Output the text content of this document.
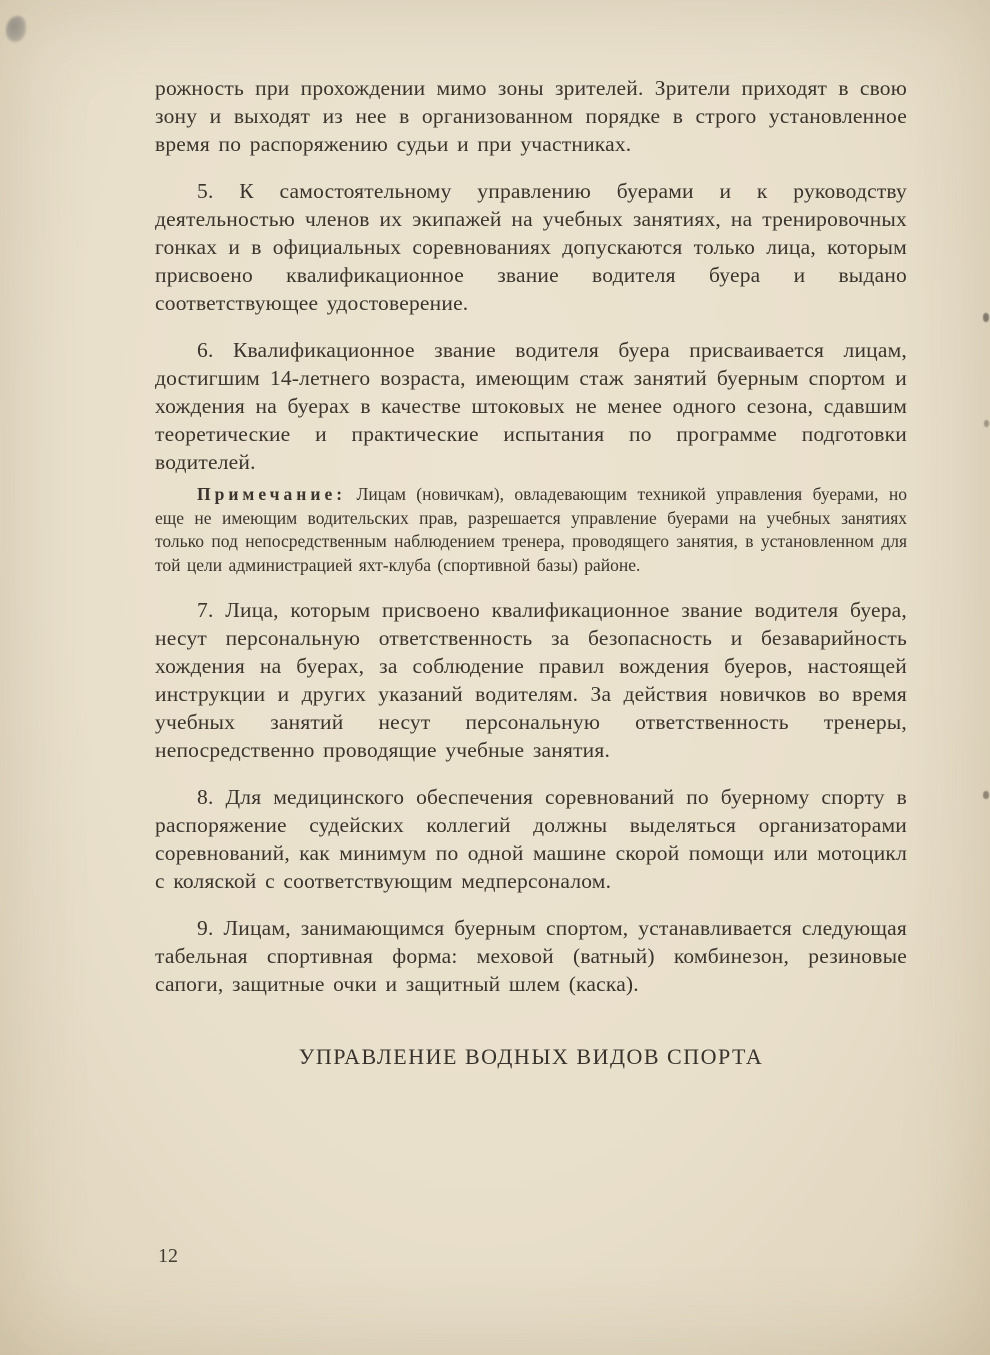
рожность при прохождении мимо зоны зрителей. Зрители приходят в свою зону и выходят из нее в организованном порядке в строго установленное время по распоряжению судьи и при участниках.

5. К самостоятельному управлению буерами и к руководству деятельностью членов их экипажей на учебных занятиях, на тренировочных гонках и в официальных соревнованиях допускаются только лица, которым присвоено квалификационное звание водителя буера и выдано соответствующее удостоверение.

6. Квалификационное звание водителя буера присваивается лицам, достигшим 14-летнего возраста, имеющим стаж занятий буерным спортом и хождения на буерах в качестве штоковых не менее одного сезона, сдавшим теоретические и практические испытания по программе подготовки водителей.

Примечание: Лицам (новичкам), овладевающим техникой управления буерами, но еще не имеющим водительских прав, разрешается управление буерами на учебных занятиях только под непосредственным наблюдением тренера, проводящего занятия, в установленном для той цели администрацией яхт-клуба (спортивной базы) районе.

7. Лица, которым присвоено квалификационное звание водителя буера, несут персональную ответственность за безопасность и безаварийность хождения на буерах, за соблюдение правил вождения буеров, настоящей инструкции и других указаний водителям. За действия новичков во время учебных занятий несут персональную ответственность тренеры, непосредственно проводящие учебные занятия.

8. Для медицинского обеспечения соревнований по буерному спорту в распоряжение судейских коллегий должны выделяться организаторами соревнований, как минимум по одной машине скорой помощи или мотоцикл с коляской с соответствующим медперсоналом.

9. Лицам, занимающимся буерным спортом, устанавливается следующая табельная спортивная форма: меховой (ватный) комбинезон, резиновые сапоги, защитные очки и защитный шлем (каска).

УПРАВЛЕНИЕ ВОДНЫХ ВИДОВ СПОРТА
12
